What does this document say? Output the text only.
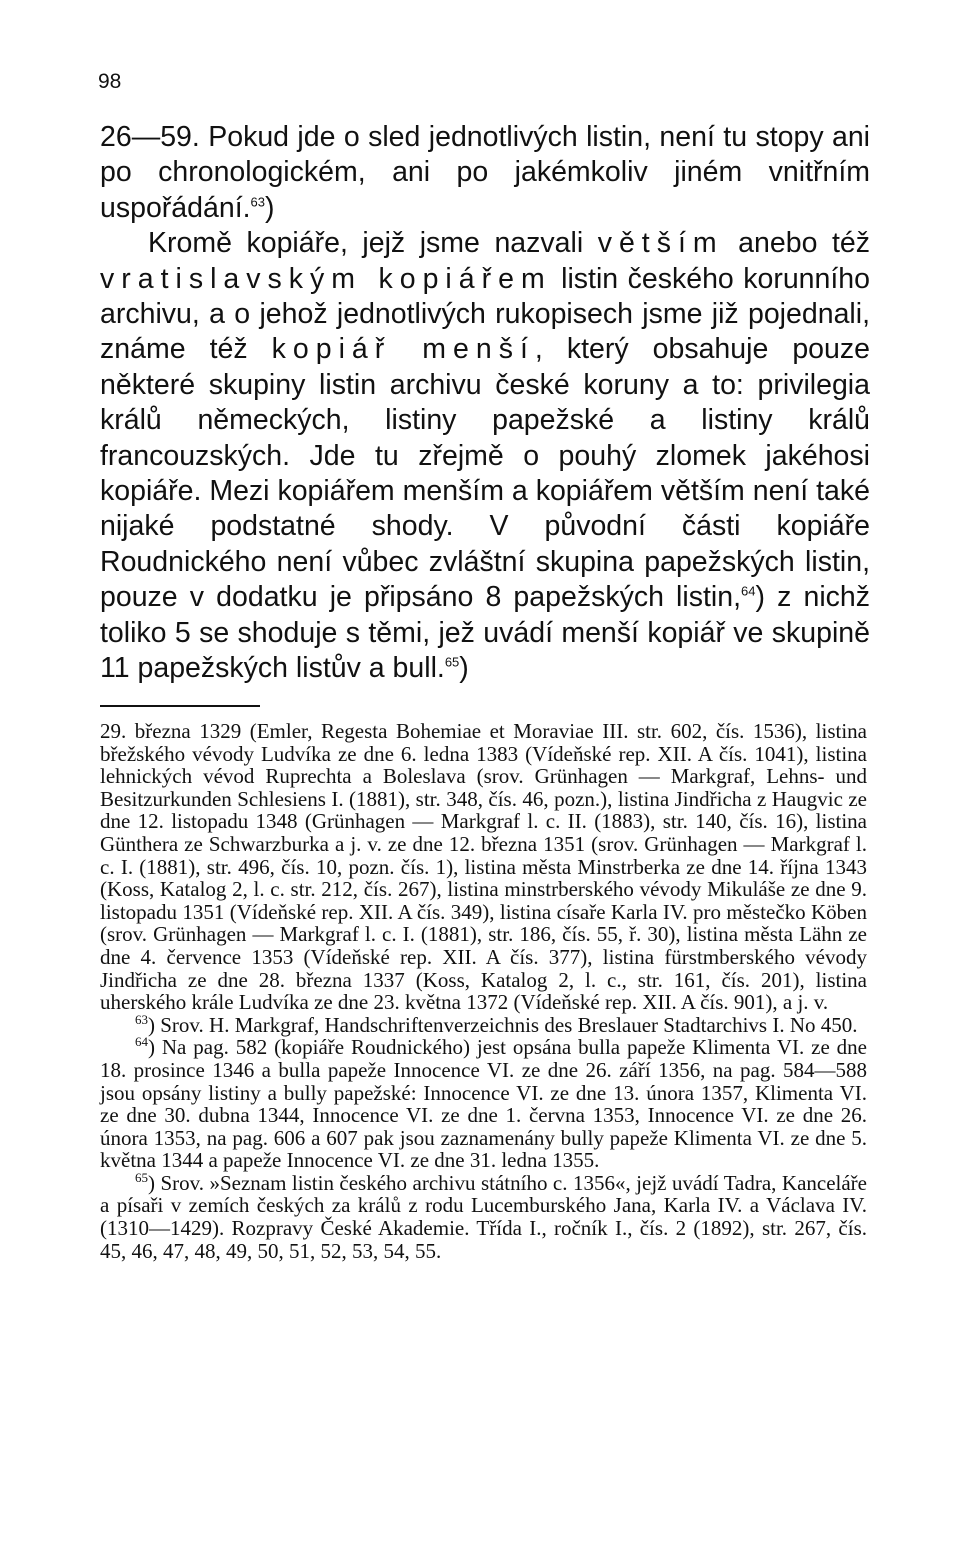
98

26—59. Pokud jde o sled jednotlivých listin, není tu stopy ani po chronologickém, ani po jakémkoliv jiném vnitřním uspořádání.$^{63}$)

Kromě kopiáře, jejž jsme nazvali větším anebo též vratislavským kopiářem listin českého korunního archivu, a o jehož jednotlivých rukopisech jsme již pojednali, známe též kopiář menší, který obsahuje pouze některé skupiny listin archivu české koruny a to: privilegia králů německých, listiny papežské a listiny králů francouzských. Jde tu zřejmě o pouhý zlomek jakéhosi kopiáře. Mezi kopiářem menším a kopiářem větším není také nijaké podstatné shody. V původní části kopiáře Roudnického není vůbec zvláštní skupina papežských listin, pouze v dodatku je připsáno 8 papežských listin,$^{64}$) z nichž toliko 5 se shoduje s těmi, jež uvádí menší kopiář ve skupině 11 papežských listův a bull.$^{65}$)

29. března 1329 (Emler, Regesta Bohemiae et Moraviae III. str. 602, čís. 1536), listina břežského vévody Ludvíka ze dne 6. ledna 1383 (Vídeňské rep. XII. A čís. 1041), listina lehnických vévod Ruprechta a Boleslava (srov. Grünhagen — Markgraf, Lehns- und Besitzurkunden Schlesiens I. (1881), str. 348, čís. 46, pozn.), listina Jindřicha z Haugvic ze dne 12. listopadu 1348 (Grünhagen — Markgraf l. c. II. (1883), str. 140, čís. 16), listina Günthera ze Schwarzburka a j. v. ze dne 12. března 1351 (srov. Grünhagen — Markgraf l. c. I. (1881), str. 496, čís. 10, pozn. čís. 1), listina města Minstrberka ze dne 14. října 1343 (Koss, Katalog 2, l. c. str. 212, čís. 267), listina minstrberského vévody Mikuláše ze dne 9. listopadu 1351 (Vídeňské rep. XII. A čís. 349), listina císaře Karla IV. pro městečko Köben (srov. Grünhagen — Markgraf l. c. I. (1881), str. 186, čís. 55, ř. 30), listina města Lähn ze dne 4. července 1353 (Vídeňské rep. XII. A čís. 377), listina fürstmberského vévody Jindřicha ze dne 28. března 1337 (Koss, Katalog 2, l. c., str. 161, čís. 201), listina uherského krále Ludvíka ze dne 23. května 1372 (Vídeňské rep. XII. A čís. 901), a j. v.

$^{63}$) Srov. H. Markgraf, Handschriftenverzeichnis des Breslauer Stadtarchivs I. No 450.

$^{64}$) Na pag. 582 (kopiáře Roudnického) jest opsána bulla papeže Klimenta VI. ze dne 18. prosince 1346 a bulla papeže Innocence VI. ze dne 26. září 1356, na pag. 584—588 jsou opsány listiny a bully papežské: Innocence VI. ze dne 13. února 1357, Klimenta VI. ze dne 30. dubna 1344, Innocence VI. ze dne 1. června 1353, Innocence VI. ze dne 26. února 1353, na pag. 606 a 607 pak jsou zaznamenány bully papeže Klimenta VI. ze dne 5. května 1344 a papeže Innocence VI. ze dne 31. ledna 1355.

$^{65}$) Srov. »Seznam listin českého archivu státního c. 1356«, jejž uvádí Tadra, Kanceláře a písaři v zemích českých za králů z rodu Lucemburského Jana, Karla IV. a Václava IV. (1310—1429). Rozpravy České Akademie. Třída I., ročník I., čís. 2 (1892), str. 267, čís. 45, 46, 47, 48, 49, 50, 51, 52, 53, 54, 55.
